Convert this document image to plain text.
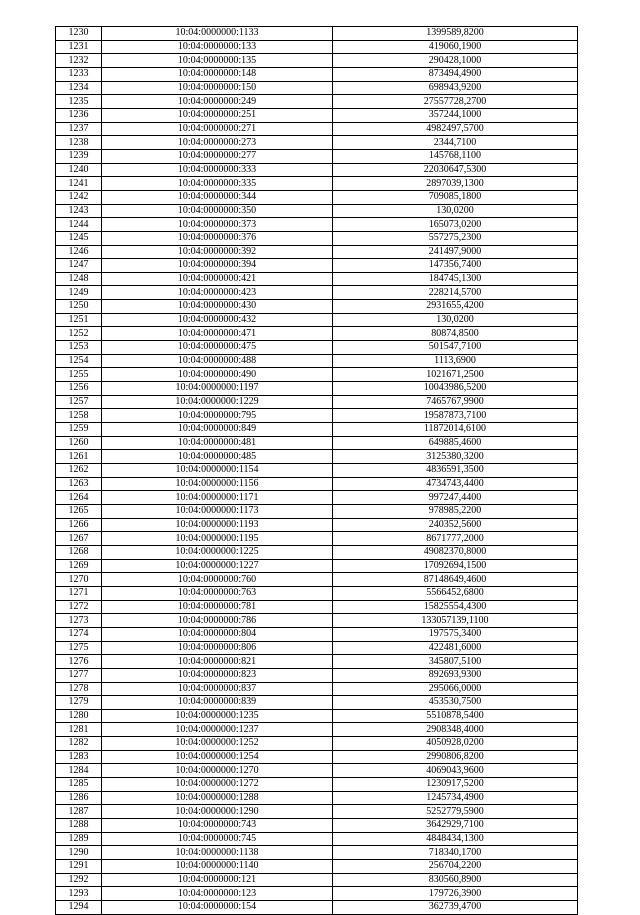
1230	10:04:0000000:1133	1399589,8200
1231	10:04:0000000:133	419060,1900
1232	10:04:0000000:135	290428,1000
1233	10:04:0000000:148	873494,4900
1234	10:04:0000000:150	698943,9200
1235	10:04:0000000:249	27557728,2700
1236	10:04:0000000:251	357244,1000
1237	10:04:0000000:271	4982497,5700
1238	10:04:0000000:273	2344,7100
1239	10:04:0000000:277	145768,1100
1240	10:04:0000000:333	22030647,5300
1241	10:04:0000000:335	2897039,1300
1242	10:04:0000000:344	709085,1800
1243	10:04:0000000:350	130,0200
1244	10:04:0000000:373	165073,0200
1245	10:04:0000000:376	557275,2300
1246	10:04:0000000:392	241497,9000
1247	10:04:0000000:394	147356,7400
1248	10:04:0000000:421	184745,1300
1249	10:04:0000000:423	228214,5700
1250	10:04:0000000:430	2931655,4200
1251	10:04:0000000:432	130,0200
1252	10:04:0000000:471	80874,8500
1253	10:04:0000000:475	501547,7100
1254	10:04:0000000:488	1113,6900
1255	10:04:0000000:490	1021671,2500
1256	10:04:0000000:1197	10043986,5200
1257	10:04:0000000:1229	7465767,9900
1258	10:04:0000000:795	19587873,7100
1259	10:04:0000000:849	11872014,6100
1260	10:04:0000000:481	649885,4600
1261	10:04:0000000:485	3125380,3200
1262	10:04:0000000:1154	4836591,3500
1263	10:04:0000000:1156	4734743,4400
1264	10:04:0000000:1171	997247,4400
1265	10:04:0000000:1173	978985,2200
1266	10:04:0000000:1193	240352,5600
1267	10:04:0000000:1195	8671777,2000
1268	10:04:0000000:1225	49082370,8000
1269	10:04:0000000:1227	17092694,1500
1270	10:04:0000000:760	87148649,4600
1271	10:04:0000000:763	5566452,6800
1272	10:04:0000000:781	15825554,4300
1273	10:04:0000000:786	133057139,1100
1274	10:04:0000000:804	197575,3400
1275	10:04:0000000:806	422481,6000
1276	10:04:0000000:821	345807,5100
1277	10:04:0000000:823	892693,9300
1278	10:04:0000000:837	295066,0000
1279	10:04:0000000:839	453530,7500
1280	10:04:0000000:1235	5510878,5400
1281	10:04:0000000:1237	2908348,4000
1282	10:04:0000000:1252	4050928,0200
1283	10:04:0000000:1254	2990806,8200
1284	10:04:0000000:1270	4069043,9600
1285	10:04:0000000:1272	1230917,5200
1286	10:04:0000000:1288	1245734,4900
1287	10:04:0000000:1290	5252779,5900
1288	10:04:0000000:743	3642929,7100
1289	10:04:0000000:745	4848434,1300
1290	10:04:0000000:1138	718340,1700
1291	10:04:0000000:1140	256704,2200
1292	10:04:0000000:121	830560,8900
1293	10:04:0000000:123	179726,3900
1294	10:04:0000000:154	362739,4700
